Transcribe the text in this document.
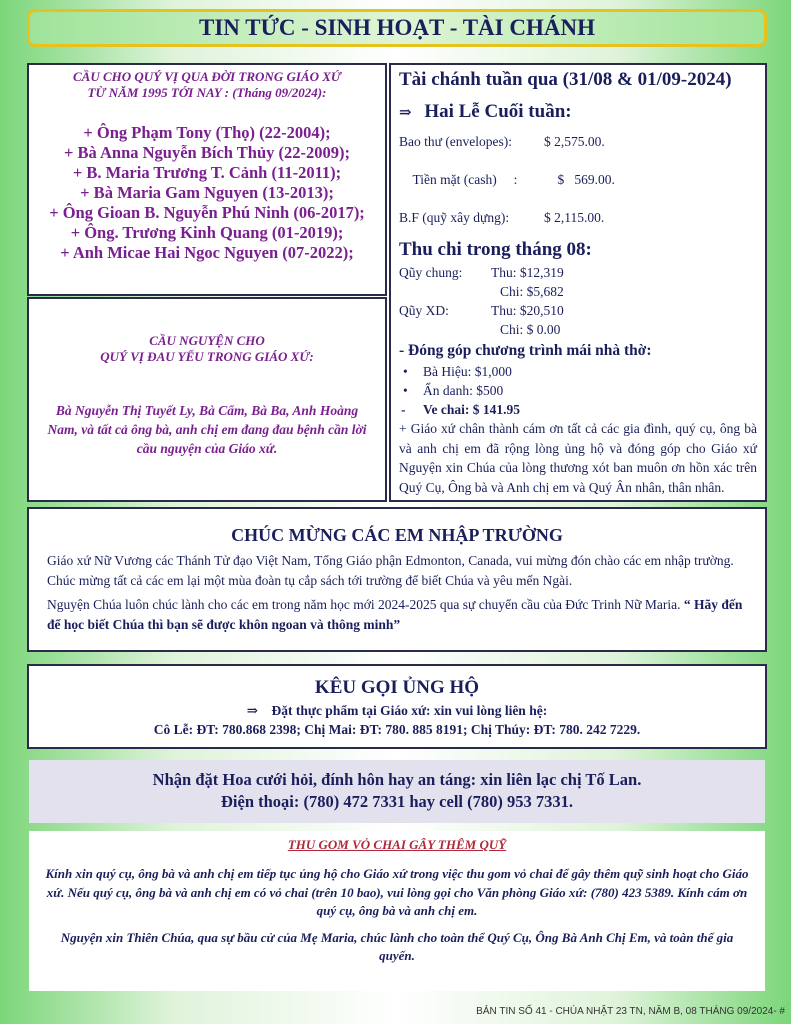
TIN TỨC - SINH HOẠT - TÀI CHÁNH
CẦU CHO QUÝ VỊ QUA ĐỜI TRONG GIÁO XỨ
TỪ NĂM 1995 TỚI NAY : (Tháng 09/2024):
+ Ông Phạm Tony (Thọ) (22-2004);
+ Bà Anna Nguyễn Bích Thủy (22-2009);
+ B. Maria Trương T. Cảnh (11-2011);
+ Bà Maria Gam Nguyen (13-2013);
+ Ông Gioan B. Nguyễn Phú Ninh (06-2017);
+ Ông. Trương Kinh Quang (01-2019);
+ Anh Micae Hai Ngoc Nguyen (07-2022);
CẦU NGUYỆN CHO
QUÝ VỊ ĐAU YẾU TRONG GIÁO XỨ:
Bà Nguyễn Thị Tuyết Ly, Bà Cẩm, Bà Ba, Anh Hoàng Nam, và tất cả ông bà, anh chị em đang đau bệnh cần lời cầu nguyện của Giáo xứ.
Tài chánh tuần qua (31/08 & 01/09-2024)
⇒ Hai Lễ Cuối tuần:
Bao thư (envelopes): $ 2,575.00.

Tiền mặt (cash)     :	$   569.00.

B.F (quỹ xây dựng):	$ 2,115.00.
Thu chi trong tháng 08:
Qũy chung: Thu: $12,319
Chi: $5,682
Qũy XD:	Thu: $20,510
Chi: $ 0.00
- Đóng góp chương trình mái nhà thờ:
• Bà Hiệu: $1,000
• Ẩn danh: $500
- Ve chai: $ 141.95
+ Giáo xứ chân thành cám ơn tất cả các gia đình, quý cụ, ông bà và anh chị em đã rộng lòng ủng hộ và đóng góp cho Giáo xứ Nguyện xin Chúa của lòng thương xót ban muôn ơn hồn xác trên Quý Cụ, Ông bà và Anh chị em và Quý Ân nhân, thân nhân.
CHÚC MỪNG CÁC EM NHẬP TRƯỜNG
Giáo xứ Nữ Vương các Thánh Tử đạo Việt Nam, Tổng Giáo phận Edmonton, Canada, vui mừng đón chào các em nhập trường. Chúc mừng tất cả các em lại một mùa đoàn tụ cắp sách tới trường để biết Chúa và yêu mến Ngài.
Nguyện Chúa luôn chúc lành cho các em trong năm học mới 2024-2025 qua sự chuyển cầu của Đức Trinh Nữ Maria. “ Hãy đến để học biết Chúa thì bạn sẽ được khôn ngoan và thông minh”
KÊU GỌI ỦNG HỘ
⇒ Đặt thực phẩm tại Giáo xứ: xin vui lòng liên hệ:
Cô Lễ: ĐT: 780.868 2398; Chị Mai: ĐT: 780. 885 8191; Chị Thúy: ĐT: 780. 242 7229.
Nhận đặt Hoa cưới hỏi, đính hôn hay an táng: xin liên lạc chị Tố Lan.
Điện thoại: (780) 472 7331 hay cell (780) 953 7331.
THU GOM VỎ CHAI GÂY THÊM QUỸ
Kính xin quý cụ, ông bà và anh chị em tiếp tục ủng hộ cho Giáo xứ trong việc thu gom vỏ chai để gây thêm quỹ sinh hoạt cho Giáo xứ. Nếu quý cụ, ông bà và anh chị em có vỏ chai (trên 10 bao), vui lòng gọi cho Văn phòng Giáo xứ: (780) 423 5389. Kính cám ơn quý cụ, ông bà và anh chị em.
Nguyện xin Thiên Chúa, qua sự bầu cử của Mẹ Maria, chúc lành cho toàn thể Quý Cụ, Ông Bà Anh Chị Em, và toàn thể gia quyến.
BẢN TIN SỐ 41 - CHÚA NHẬT 23 TN, NĂM B, 08 THÁNG 09/2024- #
